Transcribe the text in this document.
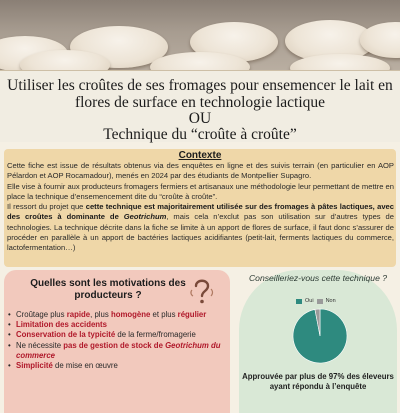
Utiliser les croûtes de ses fromages pour ensemencer le lait en
flores de surface en technologie lactique
OU
Technique du “croûte à croûte”
Contexte

Cette fiche est issue de résultats obtenus via des enquêtes en ligne et des suivis terrain (en particulier en AOP Pélardon et AOP Rocamadour), menés en 2024 par des étudiants de Montpellier Supagro.

Elle vise à fournir aux producteurs fromagers fermiers et artisanaux une méthodologie leur permettant de mettre en place la technique d’ensemencement dite du “croûte à croûte”.

Il ressort du projet que cette technique est majoritairement utilisée sur des fromages à pâtes lactiques, avec des croûtes à dominante de Geotrichum, mais cela n’exclut pas son utilisation sur d’autres types de technologies. La technique décrite dans la fiche se limite à un apport de flores de surface, il faut donc s’assurer de procéder en parallèle à un apport de bactéries lactiques acidifiantes (petit-lait, ferments lactiques du commerce, lactofermentation…)

Quelles sont les motivations des producteurs ?
• Croûtage plus rapide, plus homogène et plus régulier
• Limitation des accidents
• Conservation de la typicité de la ferme/fromagerie
• Ne nécessite pas de gestion de stock de Geotrichum du commerce
• Simplicité de mise en œuvre
Conseilleriez-vous cette technique ?
Oui Non
Approuvée par plus de 97% des éleveurs ayant répondu à l’enquête
